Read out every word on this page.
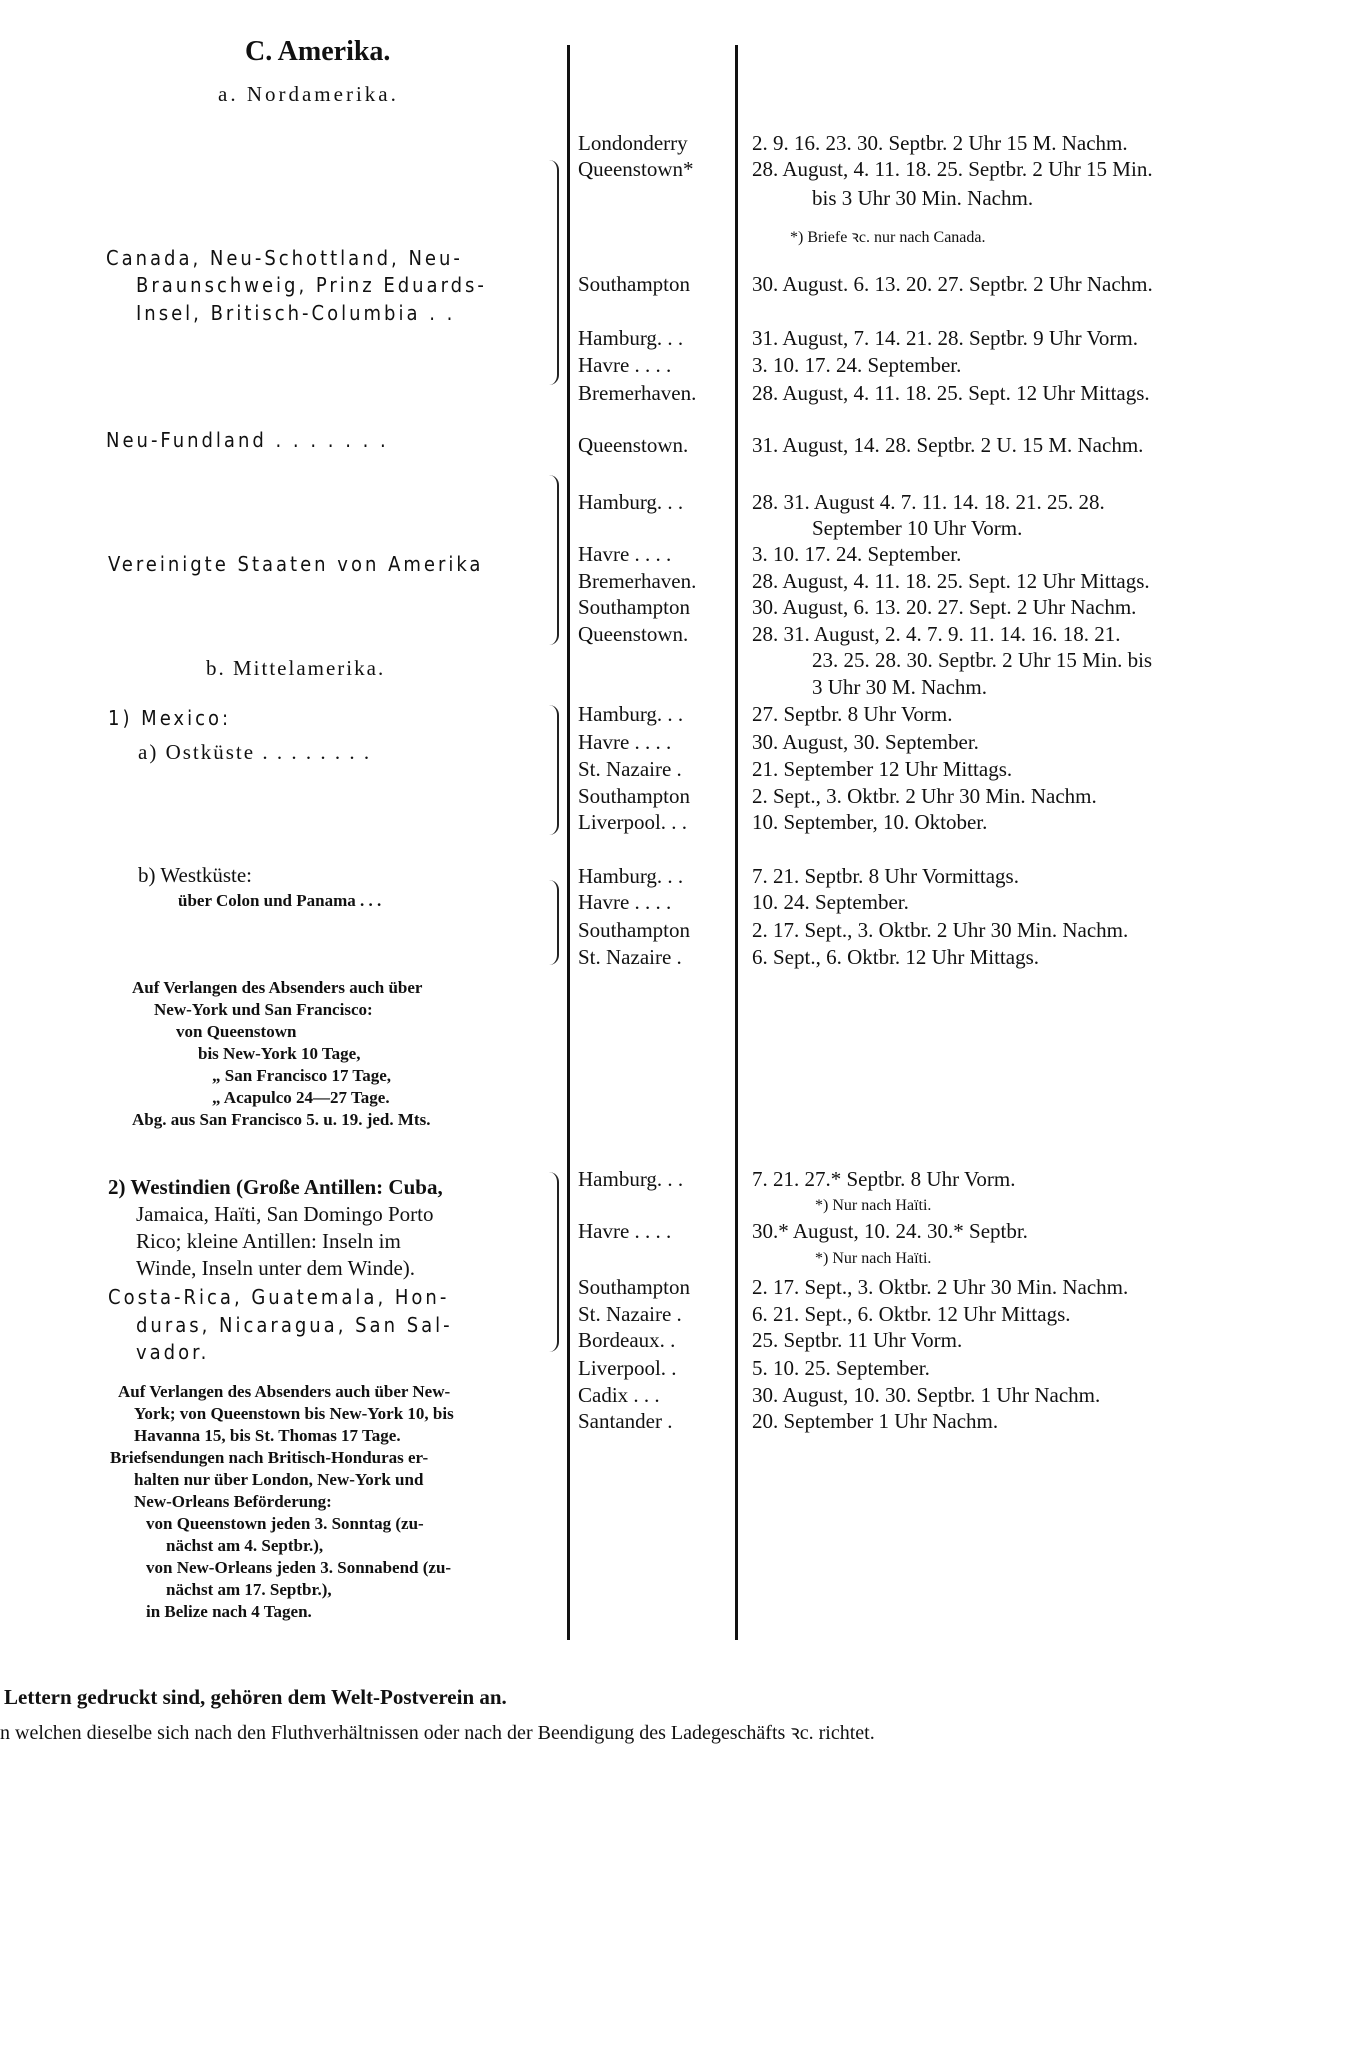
C. Amerika.
a. Nordamerika.
Canada, Neu-Schottland, Neu-
Braunschweig, Prinz Eduards-
Insel, Britisch-Columbia . .
Londonderry	2. 9. 16. 23. 30. Septbr. 2 Uhr 15 M. Nachm.
Queenstown*	28. August, 4. 11. 18. 25. Septbr. 2 Uhr 15 Min.
bis 3 Uhr 30 Min. Nachm.
*) Briefe ꝛc. nur nach Canada.
Southampton	30. August. 6. 13. 20. 27. Septbr. 2 Uhr Nachm.
Hamburg. . .	31. August, 7. 14. 21. 28. Septbr. 9 Uhr Vorm.
Havre . . . .	3. 10. 17. 24. September.
Bremerhaven.	28. August, 4. 11. 18. 25. Sept. 12 Uhr Mittags.
Neu-Fundland . . . . . . .	Queenstown.	31. August, 14. 28. Septbr. 2 U. 15 M. Nachm.
Vereinigte Staaten von Amerika
Hamburg. . .	28. 31. August 4. 7. 11. 14. 18. 21. 25. 28.
September 10 Uhr Vorm.
Havre . . . .	3. 10. 17. 24. September.
Bremerhaven.	28. August, 4. 11. 18. 25. Sept. 12 Uhr Mittags.
Southampton	30. August, 6. 13. 20. 27. Sept. 2 Uhr Nachm.
Queenstown.	28. 31. August, 2. 4. 7. 9. 11. 14. 16. 18. 21.
23. 25. 28. 30. Septbr. 2 Uhr 15 Min. bis
3 Uhr 30 M. Nachm.
b. Mittelamerika.
1) Mexico:
a) Ostküste . . . . . . . .
Hamburg. . .	27. Septbr. 8 Uhr Vorm.
Havre . . . .	30. August, 30. September.
St. Nazaire .	21. September 12 Uhr Mittags.
Southampton	2. Sept., 3. Oktbr. 2 Uhr 30 Min. Nachm.
Liverpool. . .	10. September, 10. Oktober.
b) Westküste:
über Colon und Panama . . .
Hamburg. . .	7. 21. Septbr. 8 Uhr Vormittags.
Havre . . . .	10. 24. September.
Southampton	2. 17. Sept., 3. Oktbr. 2 Uhr 30 Min. Nachm.
St. Nazaire .	6. Sept., 6. Oktbr. 12 Uhr Mittags.
Auf Verlangen des Absenders auch über
New-York und San Francisco:
von Queenstown
bis New-York 10 Tage,
„ San Francisco 17 Tage,
„ Acapulco 24—27 Tage.
Abg. aus San Francisco 5. u. 19. jed. Mts.
2) Westindien (Große Antillen: Cuba,
Jamaica, Haïti, San Domingo Porto
Rico; kleine Antillen: Inseln im
Winde, Inseln unter dem Winde).
Costa-Rica, Guatemala, Hon-
duras, Nicaragua, San Sal-
vador.
Hamburg. . .	7. 21. 27.* Septbr. 8 Uhr Vorm.
*) Nur nach Haïti.
Havre . . . .	30.* August, 10. 24. 30.* Septbr.
*) Nur nach Haïti.
Southampton	2. 17. Sept., 3. Oktbr. 2 Uhr 30 Min. Nachm.
St. Nazaire .	6. 21. Sept., 6. Oktbr. 12 Uhr Mittags.
Bordeaux. .	25. Septbr. 11 Uhr Vorm.
Liverpool. .	5. 10. 25. September.
Cadix . . .	30. August, 10. 30. Septbr. 1 Uhr Nachm.
Santander .	20. September 1 Uhr Nachm.
Auf Verlangen des Absenders auch über New-
York; von Queenstown bis New-York 10, bis
Havanna 15, bis St. Thomas 17 Tage.
Briefsendungen nach Britisch-Honduras er-
halten nur über London, New-York und
New-Orleans Beförderung:
von Queenstown jeden 3. Sonntag (zu-
nächst am 4. Septbr.),
von New-Orleans jeden 3. Sonnabend (zu-
nächst am 17. Septbr.),
in Belize nach 4 Tagen.
Lettern gedruckt sind, gehören dem Welt-Postverein an.
n welchen dieselbe sich nach den Fluthverhältnissen oder nach der Beendigung des Ladegeschäfts ꝛc. richtet.
